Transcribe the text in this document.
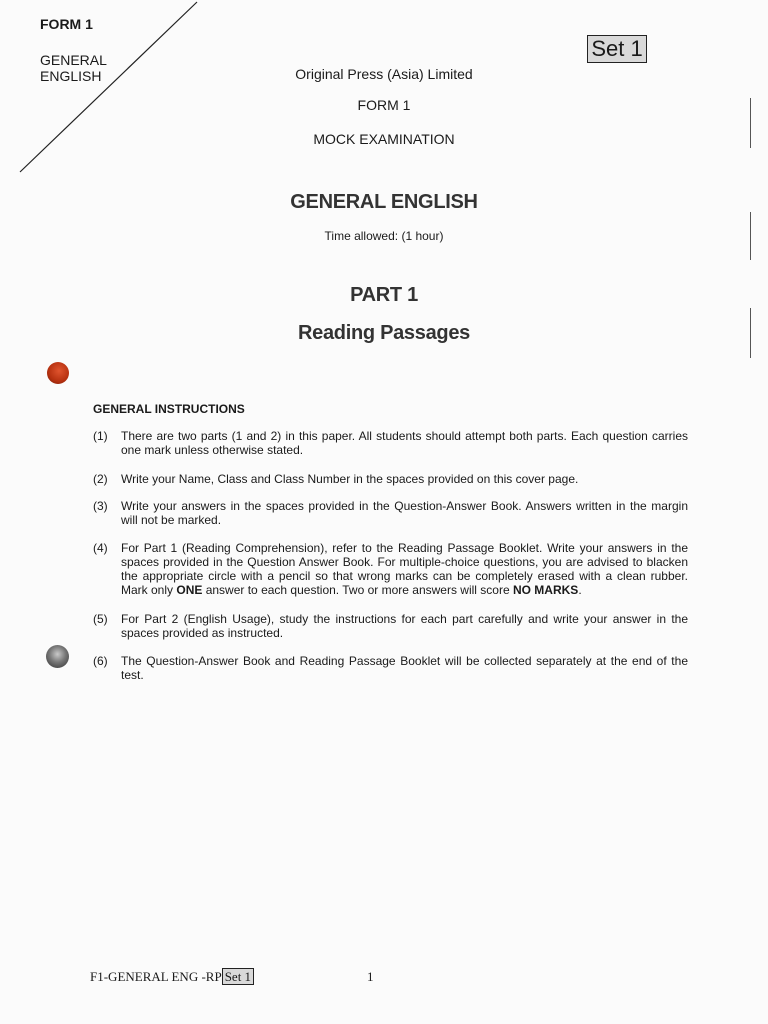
FORM 1
GENERAL ENGLISH
Set 1
Original Press (Asia) Limited
FORM 1
MOCK EXAMINATION
GENERAL ENGLISH
Time allowed: (1 hour)
PART 1
Reading Passages
GENERAL INSTRUCTIONS
(1)	There are two parts (1 and 2) in this paper. All students should attempt both parts. Each question carries one mark unless otherwise stated.
(2)	Write your Name, Class and Class Number in the spaces provided on this cover page.
(3)	Write your answers in the spaces provided in the Question-Answer Book. Answers written in the margin will not be marked.
(4)	For Part 1 (Reading Comprehension), refer to the Reading Passage Booklet. Write your answers in the spaces provided in the Question Answer Book. For multiple-choice questions, you are advised to blacken the appropriate circle with a pencil so that wrong marks can be completely erased with a clean rubber. Mark only ONE answer to each question. Two or more answers will score NO MARKS.
(5)	For Part 2 (English Usage), study the instructions for each part carefully and write your answer in the spaces provided as instructed.
(6)	The Question-Answer Book and Reading Passage Booklet will be collected separately at the end of the test.
F1-GENERAL ENG -RP Set 1	1
